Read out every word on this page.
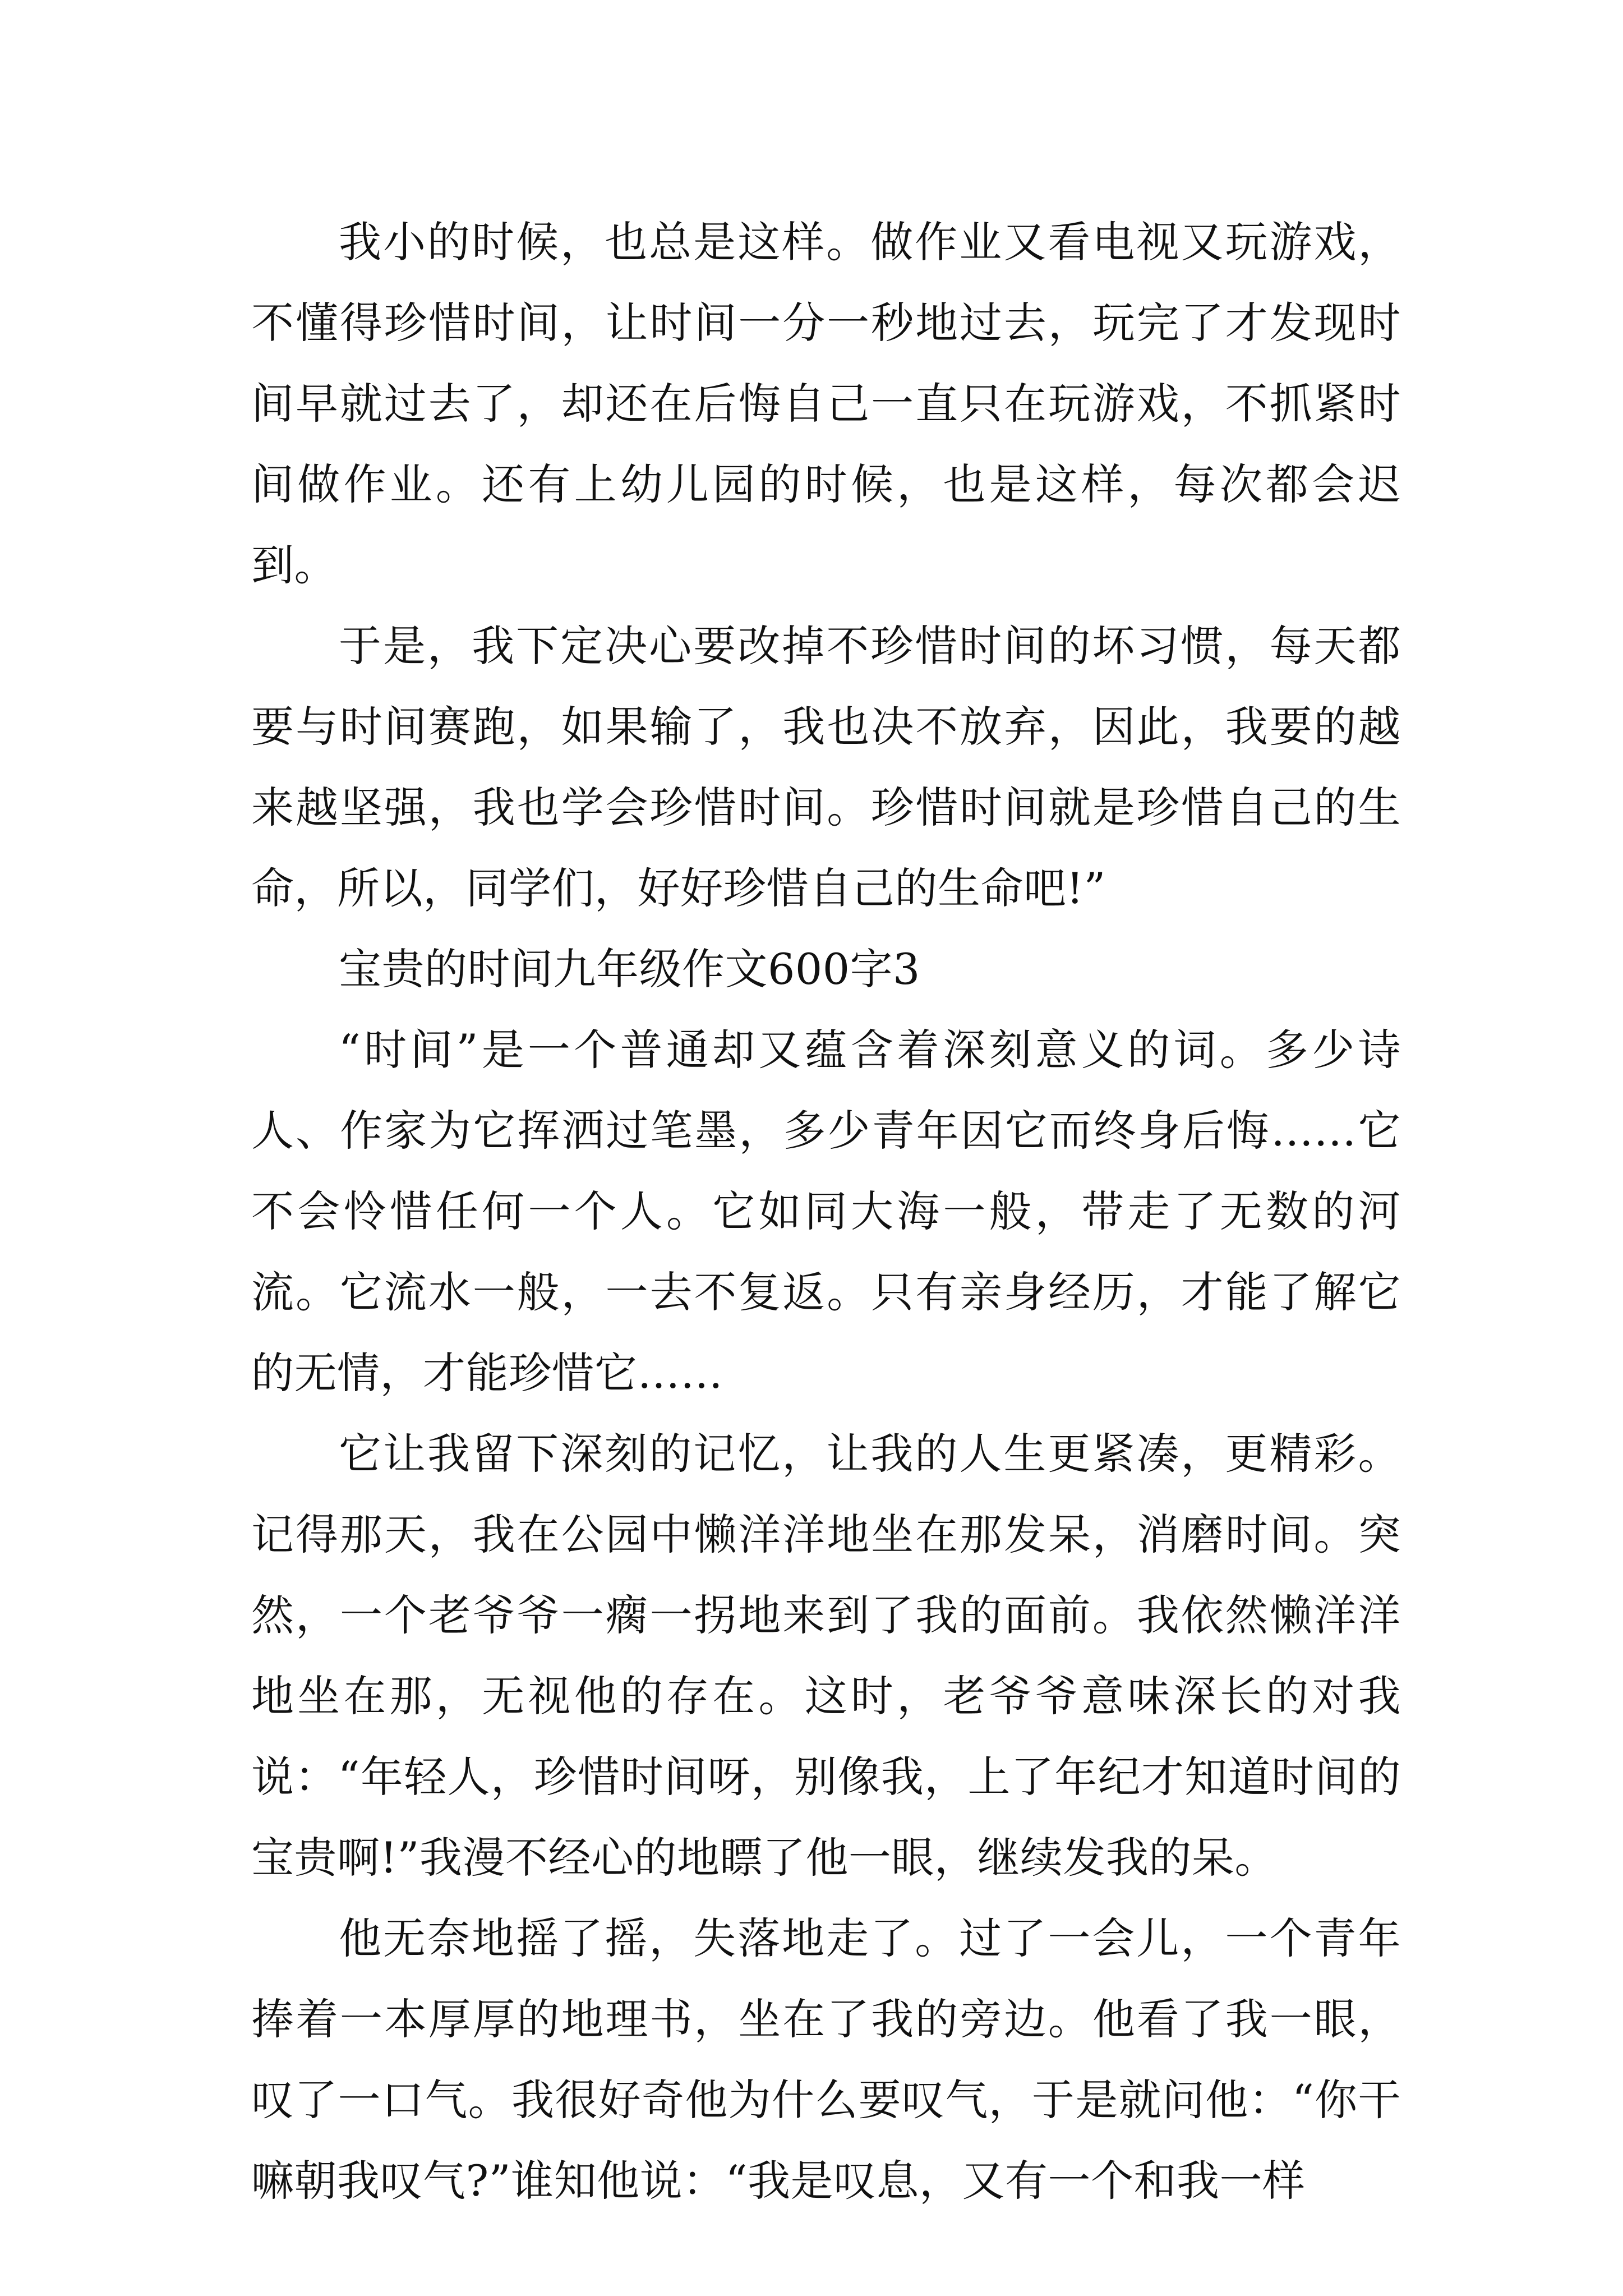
我小的时候，也总是这样。做作业又看电视又玩游戏，不懂得珍惜时间，让时间一分一秒地过去，玩完了才发现时间早就过去了，却还在后悔自己一直只在玩游戏，不抓紧时间做作业。还有上幼儿园的时候，也是这样，每次都会迟到。

于是，我下定决心要改掉不珍惜时间的坏习惯，每天都要与时间赛跑，如果输了，我也决不放弃，因此，我要的越来越坚强，我也学会珍惜时间。珍惜时间就是珍惜自己的生命，所以，同学们，好好珍惜自己的生命吧!”

宝贵的时间九年级作文600字3

“时间”是一个普通却又蕴含着深刻意义的词。多少诗人、作家为它挥洒过笔墨，多少青年因它而终身后悔……它不会怜惜任何一个人。它如同大海一般，带走了无数的河流。它流水一般，一去不复返。只有亲身经历，才能了解它的无情，才能珍惜它……

它让我留下深刻的记忆，让我的人生更紧凑，更精彩。记得那天，我在公园中懒洋洋地坐在那发呆，消磨时间。突然，一个老爷爷一瘸一拐地来到了我的面前。我依然懒洋洋地坐在那，无视他的存在。这时，老爷爷意味深长的对我说：“年轻人，珍惜时间呀，别像我，上了年纪才知道时间的宝贵啊!”我漫不经心的地瞟了他一眼，继续发我的呆。

他无奈地摇了摇，失落地走了。过了一会儿，一个青年捧着一本厚厚的地理书，坐在了我的旁边。他看了我一眼，叹了一口气。我很好奇他为什么要叹气，于是就问他：“你干嘛朝我叹气?”谁知他说：“我是叹息，又有一个和我一样
